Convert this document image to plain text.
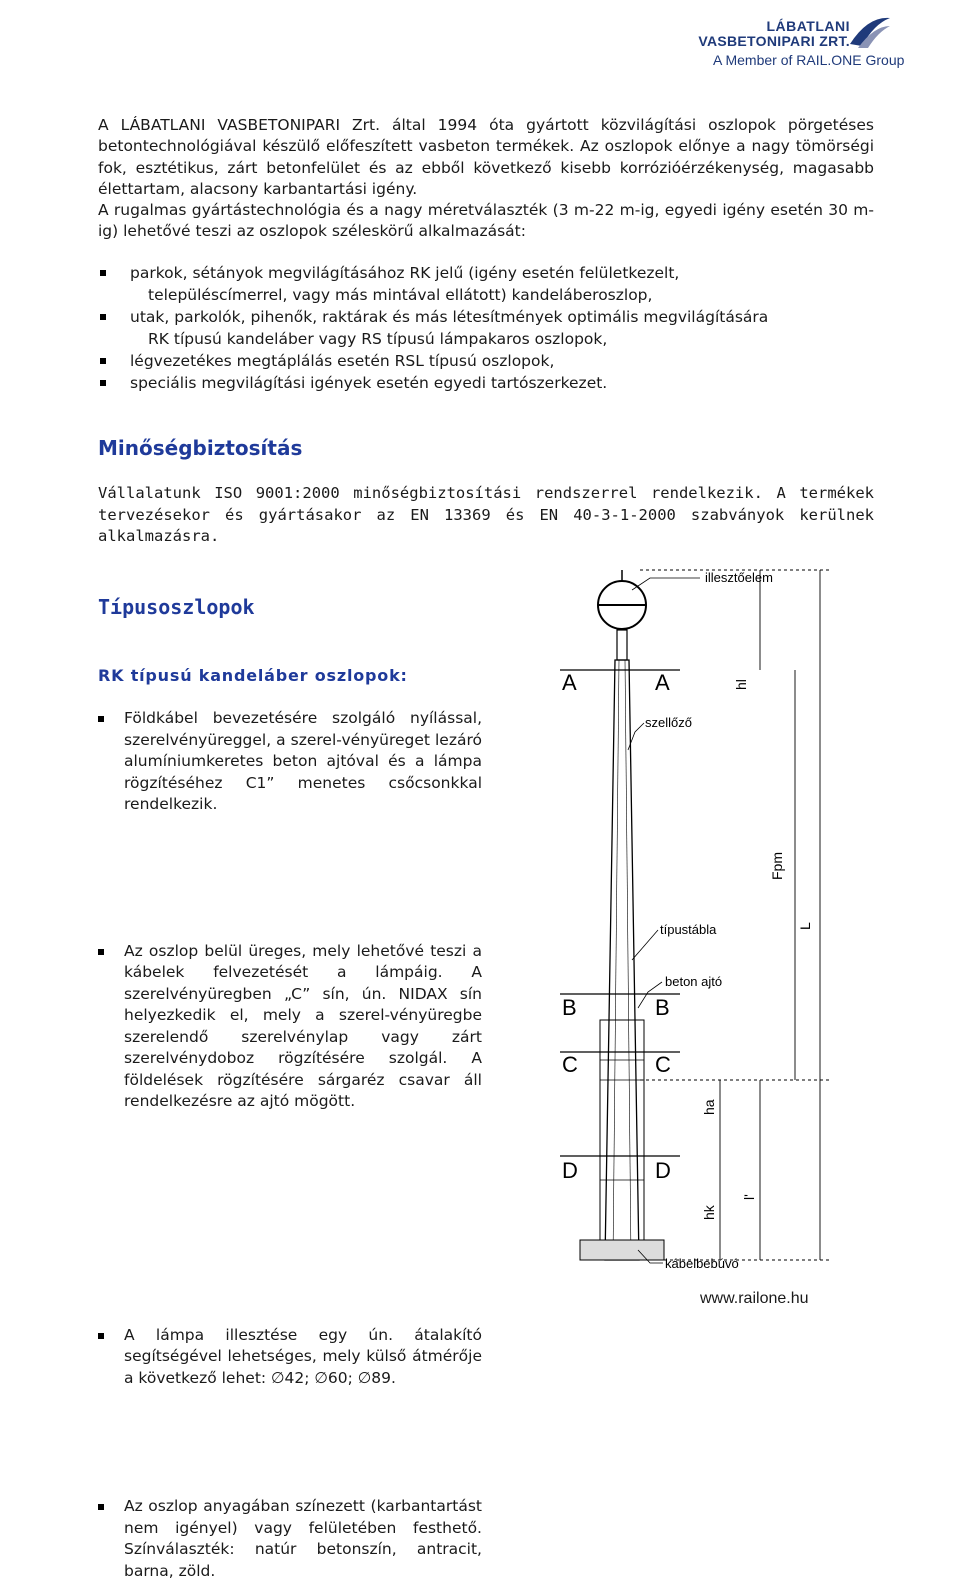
LÁBATLANI
VASBETONIPARI ZRT.
A Member of RAIL.ONE Group

A LÁBATLANI VASBETONIPARI Zrt. által 1994 óta gyártott közvilágítási oszlopok pörgetéses betontechnológiával készülő előfeszített vasbeton termékek. Az oszlopok előnye a nagy tömörségi fok, esztétikus, zárt betonfelület és az ebből következő kisebb korrózióérzékenység, magasabb élettartam, alacsony karbantartási igény.

A rugalmas gyártástechnológia és a nagy méretválaszték (3 m-22 m-ig, egyedi igény esetén 30 m-ig) lehetővé teszi az oszlopok széleskörű alkalmazását:

parkok, sétányok megvilágításához RK jelű (igény esetén felületkezelt,
településcímerrel, vagy más mintával ellátott) kandeláberoszlop,
utak, parkolók, pihenők, raktárak és más létesítmények optimális megvilágítására
RK típusú kandeláber vagy RS típusú lámpakaros oszlopok,
légvezetékes megtáplálás esetén RSL típusú oszlopok,
speciális megvilágítási igények esetén egyedi tartószerkezet.
Minőségbiztosítás

Vállalatunk ISO 9001:2000 minőségbiztosítási rendszerrel rendelkezik. A termékek tervezésekor és gyártásakor az EN 13369 és EN 40-3-1-2000 szabványok kerülnek alkalmazásra.

Típusoszlopok
RK típusú kandeláber oszlopok:
Földkábel bevezetésére szolgáló nyílással, szerelvényüreggel, a szerel-vényüreget lezáró alumíniumkeretes beton ajtóval és a lámpa rögzítéséhez C1” menetes csőcsonkkal rendelkezik.
Az oszlop belül üreges, mely lehetővé teszi a kábelek felvezetését a lámpáig. A szerelvényüregben „C” sín, ún. NIDAX sín helyezkedik el, mely a szerel-vényüregbe szerelendő szerelvénylap vagy zárt szerelvénydoboz rögzítésére szolgál. A földelések rögzítésére sárgaréz csavar áll rendelkezésre az ajtó mögött.
A lámpa illesztése egy ún. átalakító segítségével lehetséges, mely külső átmérője a következő lehet: ∅42; ∅60; ∅89.
Az oszlop anyagában színezett (karbantartást nem igényel) vagy felületében festhető. Színválaszték: natúr betonszín, antracit, barna, zöld.
A	A
B	B
C	C
D	D
illesztőelem
szellőző
típustábla
beton ajtó
kábelbebúvó
hl
Fpm
L
ha
hk
l'
www.railone.hu
